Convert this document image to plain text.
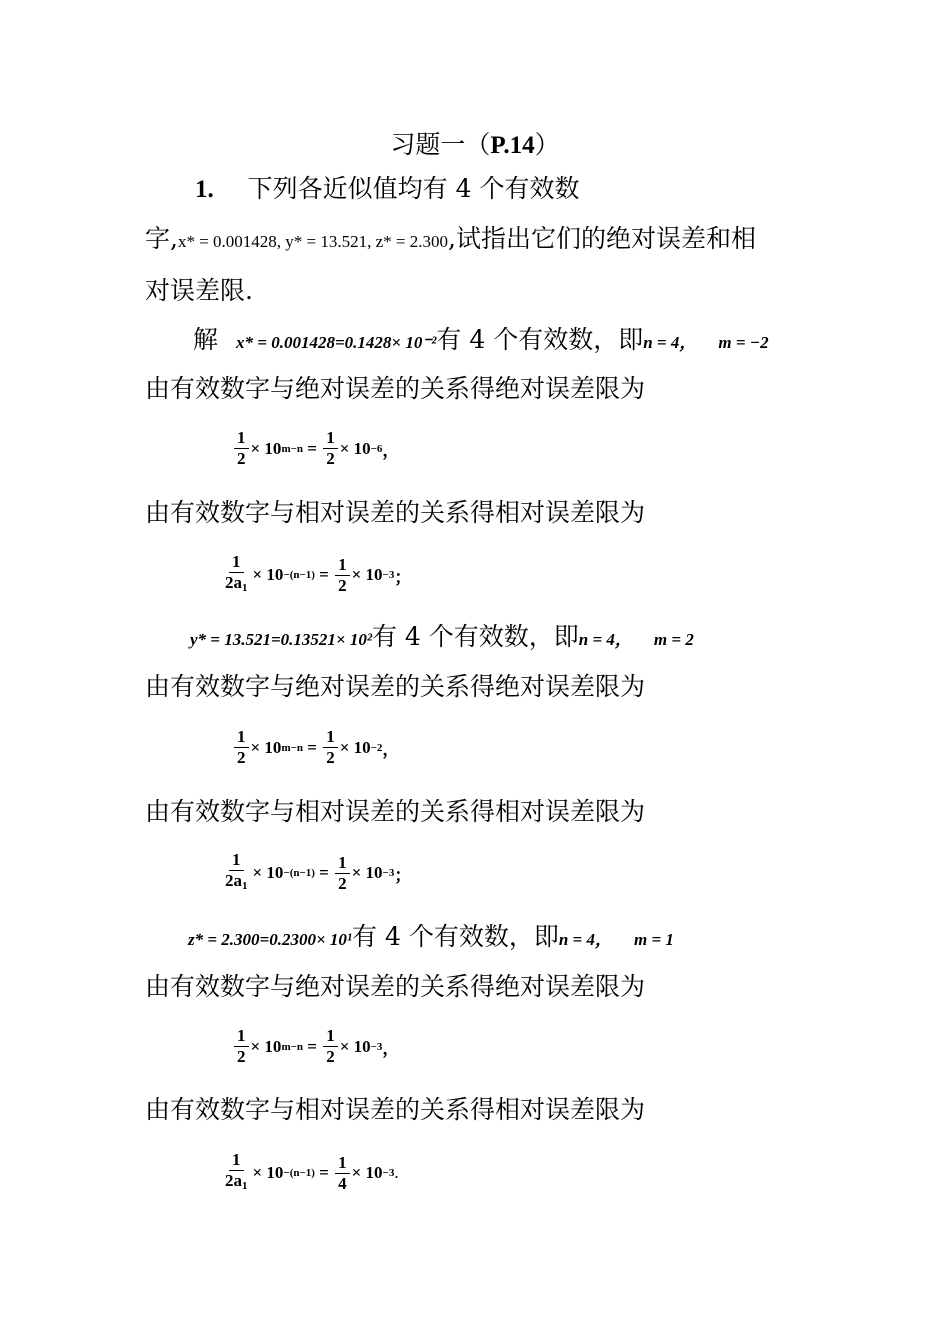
习题一（P.14）
1. 下列各近似值均有 4 个有效数
字,x* = 0.001428, y* = 13.521, z* = 2.300,试指出它们的绝对误差和相
对误差限.
解 x* = 0.001428=0.1428× 10⁻²有 4 个有效数，即n = 4， m = −2
由有效数字与绝对误差的关系得绝对误差限为
$\frac{1}{2} \times 10$ $m-n = \frac{1}{2} \times 10 -6$ ，
由有效数字与相对误差的关系得相对误差限为
$\frac{1}{2a_1} \times 10 -(n-1) = \frac{1}{2} \times 10 -3$ ；
y* = 13.521=0.13521× 10²有 4 个有效数，即n = 4， m = 2
由有效数字与绝对误差的关系得绝对误差限为
$\frac{1}{2} \times 10$ $m-n = \frac{1}{2} \times 10 -2$ ，
由有效数字与相对误差的关系得相对误差限为
$\frac{1}{2a_1} \times 10 -(n-1) = \frac{1}{2} \times 10 -3$ ；
z* = 2.300=0.2300× 10¹有 4 个有效数，即n = 4， m = 1
由有效数字与绝对误差的关系得绝对误差限为
$\frac{1}{2} \times 10$ $m-n = \frac{1}{2} \times 10 -3$ ，
由有效数字与相对误差的关系得相对误差限为
$\frac{1}{2a_1} \times 10 -(n-1) = \frac{1}{4} \times 10 -3$ .
